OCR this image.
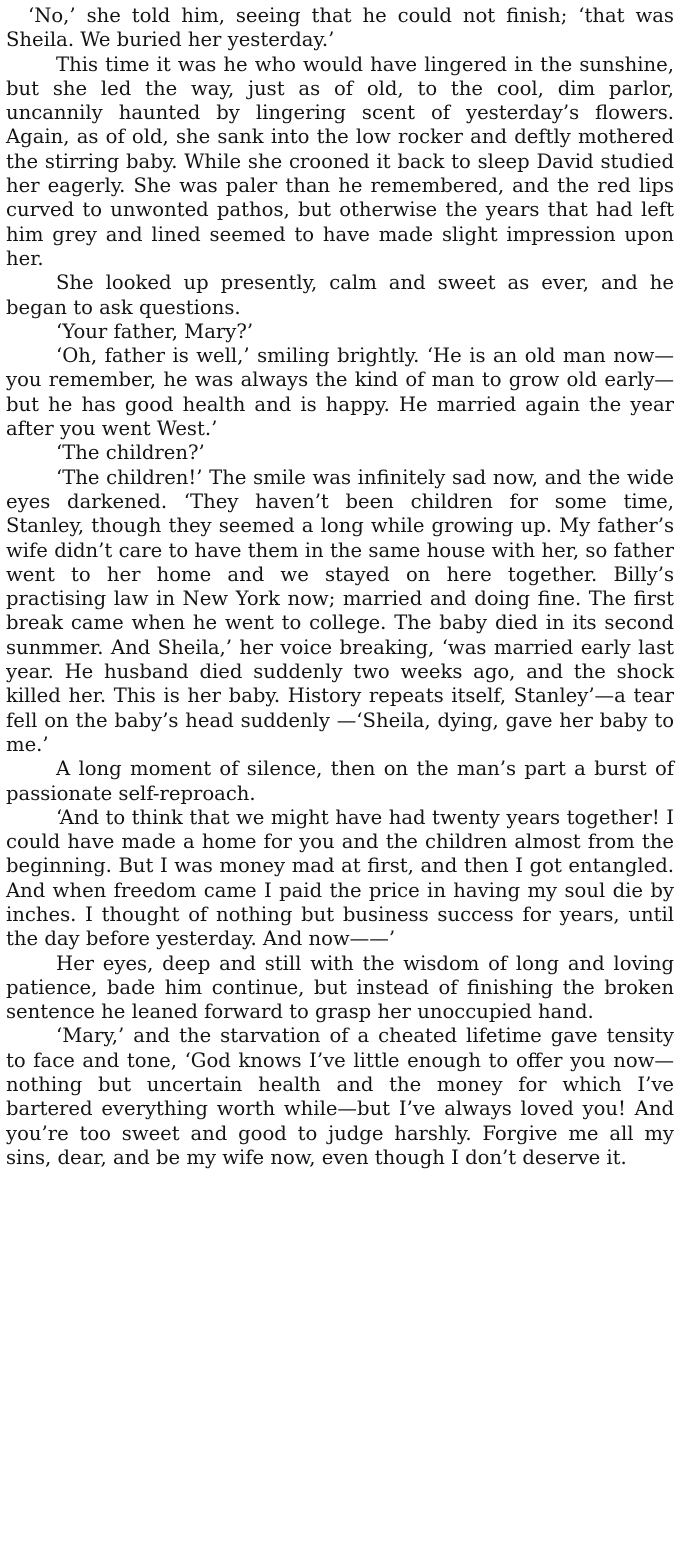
‘No,’ she told him, seeing that he could not finish; ‘that was Sheila. We buried her yesterday.’

This time it was he who would have lingered in the sunshine, but she led the way, just as of old, to the cool, dim parlor, uncannily haunted by lingering scent of yesterday’s flowers. Again, as of old, she sank into the low rocker and deftly mothered the stirring baby. While she crooned it back to sleep David studied her eagerly. She was paler than he remembered, and the red lips curved to unwonted pathos, but otherwise the years that had left him grey and lined seemed to have made slight impression upon her.

She looked up presently, calm and sweet as ever, and he began to ask questions.

‘Your father, Mary?’

‘Oh, father is well,’ smiling brightly. ‘He is an old man now—you remember, he was always the kind of man to grow old early—but he has good health and is happy. He married again the year after you went West.’

‘The children?’

‘The children!’ The smile was infinitely sad now, and the wide eyes darkened. ‘They haven’t been children for some time, Stanley, though they seemed a long while growing up. My father’s wife didn’t care to have them in the same house with her, so father went to her home and we stayed on here together. Billy’s practising law in New York now; married and doing fine. The first break came when he went to college. The baby died in its second sunmmer. And Sheila,’ her voice breaking, ‘was married early last year. He husband died suddenly two weeks ago, and the shock killed her. This is her baby. History repeats itself, Stanley’—a tear fell on the baby’s head suddenly —‘Sheila, dying, gave her baby to me.’

A long moment of silence, then on the man’s part a burst of passionate self-reproach.

‘And to think that we might have had twenty years together! I could have made a home for you and the children almost from the beginning. But I was money mad at first, and then I got entangled. And when freedom came I paid the price in having my soul die by inches. I thought of nothing but business success for years, until the day before yesterday. And now——’

Her eyes, deep and still with the wisdom of long and loving patience, bade him continue, but instead of finishing the broken sentence he leaned forward to grasp her unoccupied hand.

‘Mary,’ and the starvation of a cheated lifetime gave tensity to face and tone, ‘God knows I’ve little enough to offer you now—nothing but uncertain health and the money for which I’ve bartered everything worth while—but I’ve always loved you! And you’re too sweet and good to judge harshly. Forgive me all my sins, dear, and be my wife now, even though I don’t deserve it.
